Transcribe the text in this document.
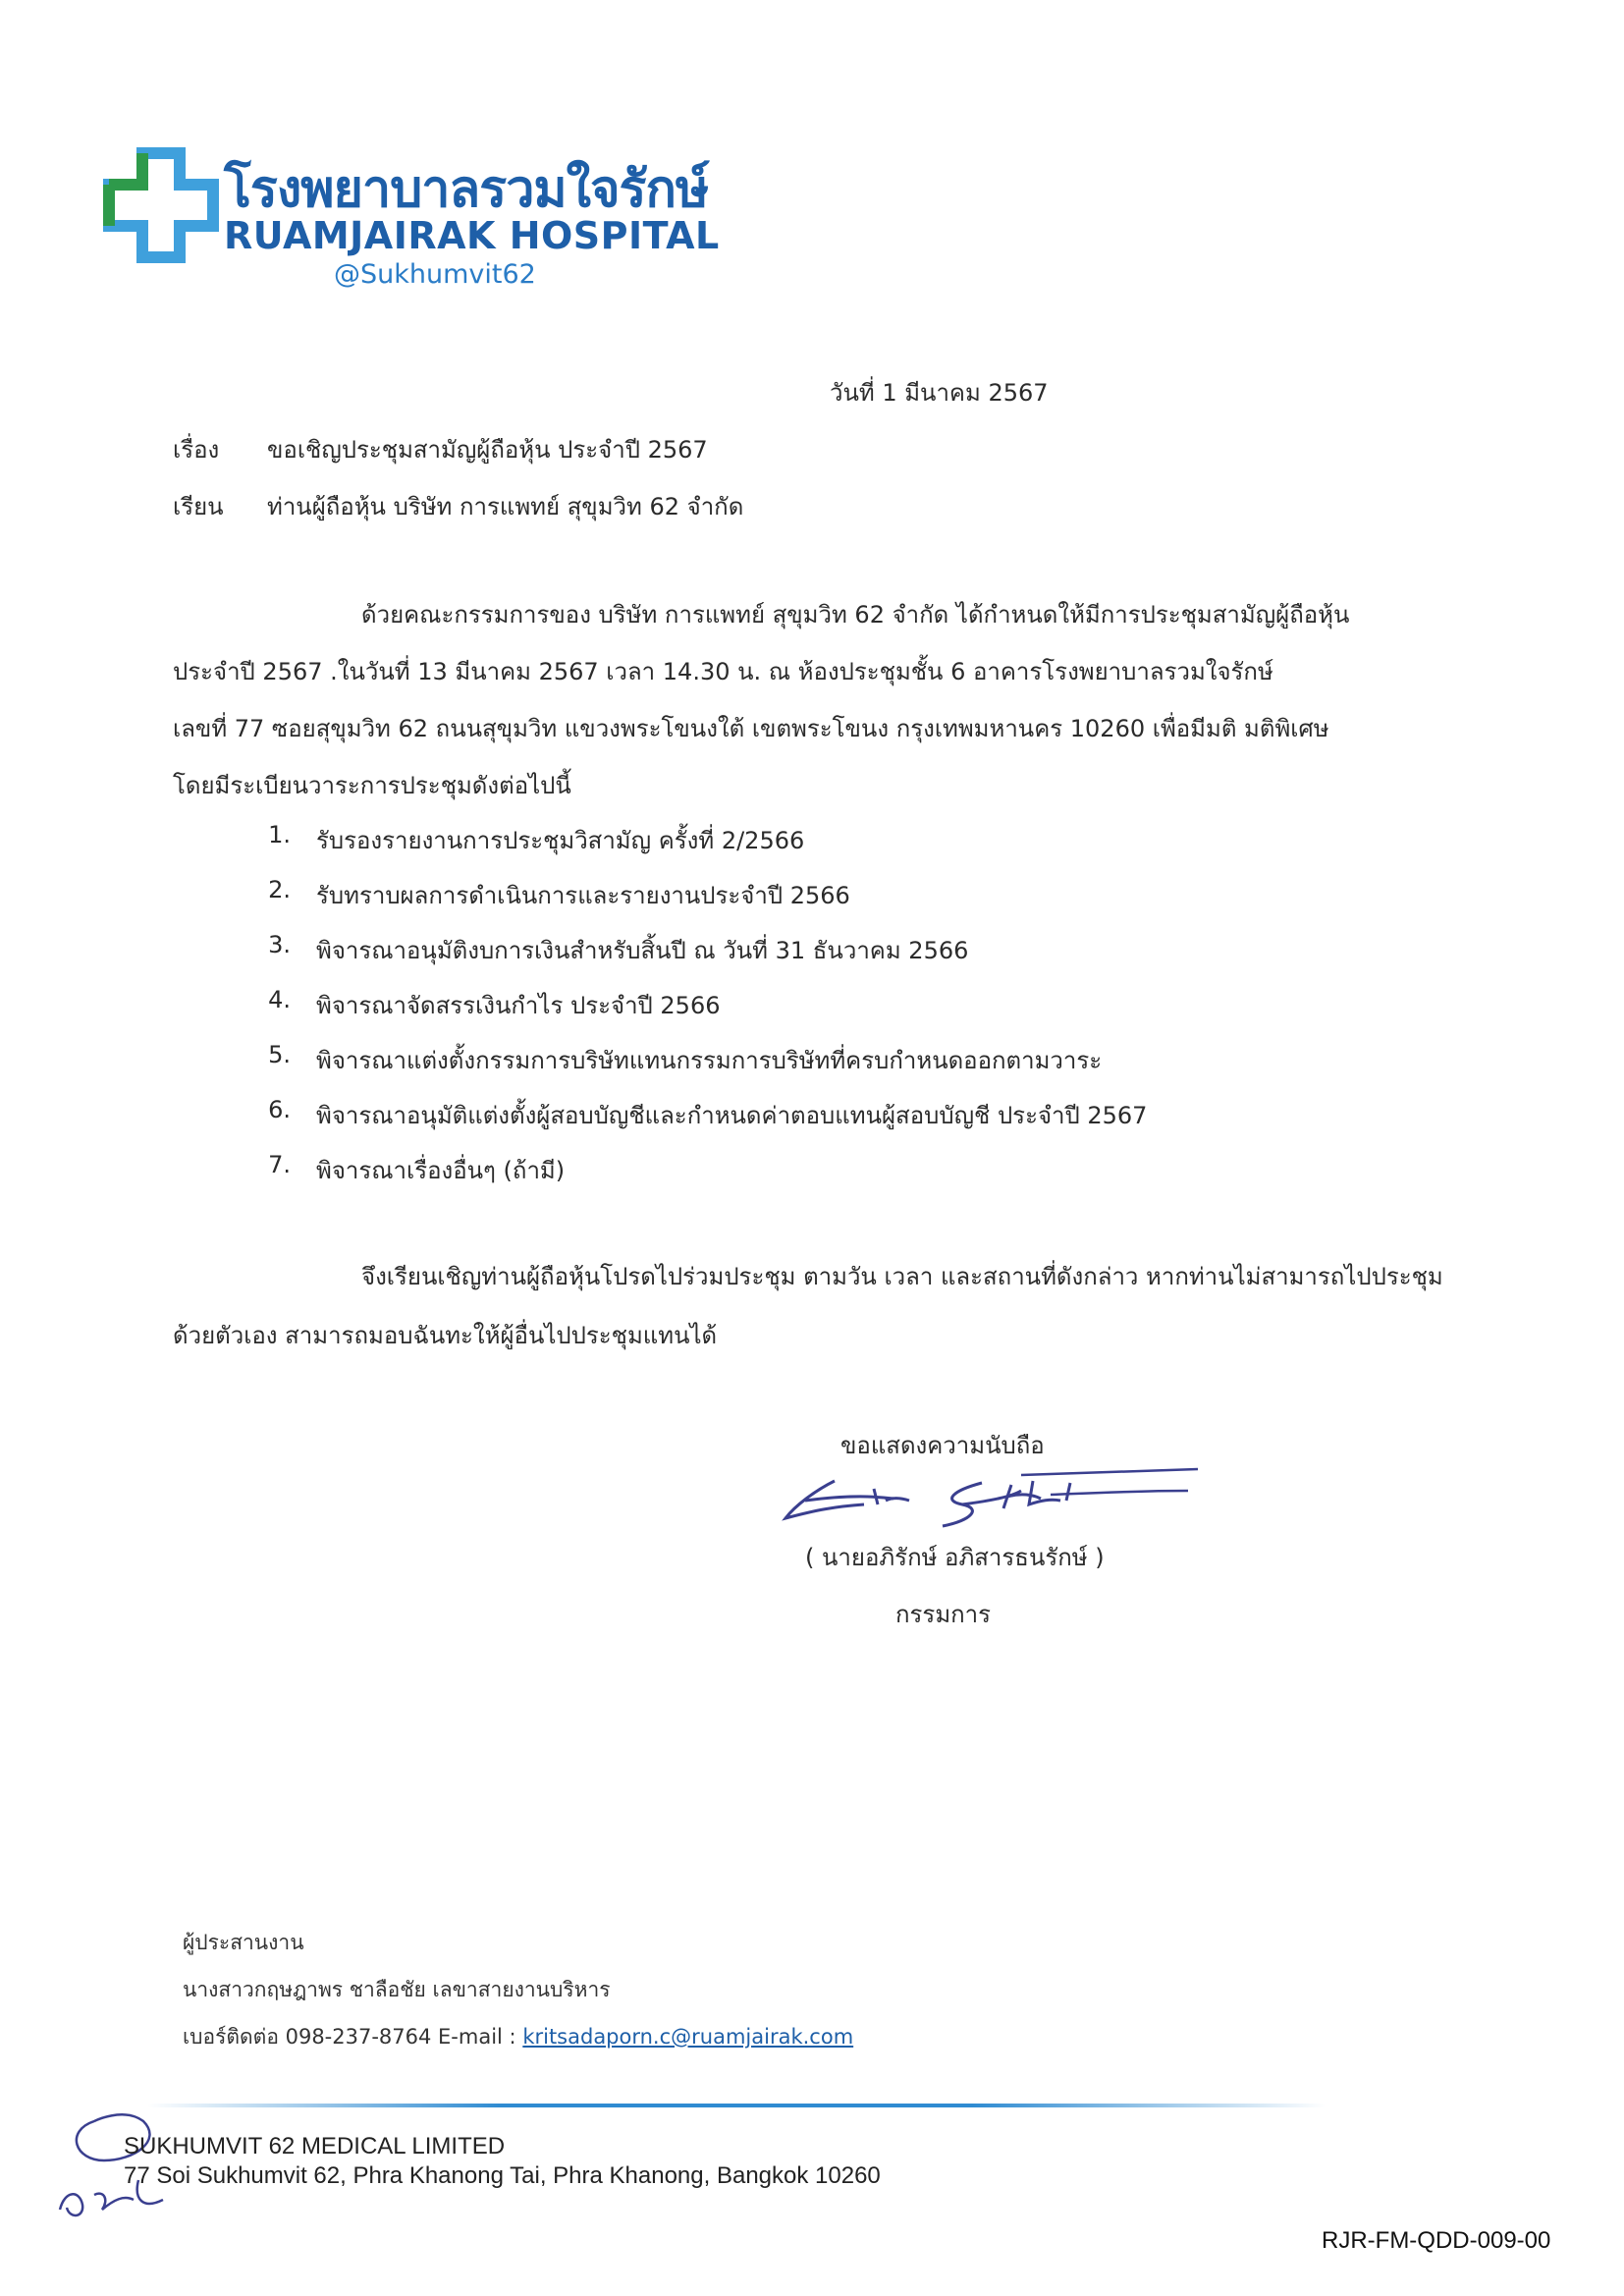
โรงพยาบาลรวมใจรักษ์
RUAMJAIRAK HOSPITAL
@Sukhumvit62
วันที่ 1 มีนาคม 2567
เรื่อง ขอเชิญประชุมสามัญผู้ถือหุ้น ประจำปี 2567
เรียน ท่านผู้ถือหุ้น บริษัท การแพทย์ สุขุมวิท 62 จำกัด
ด้วยคณะกรรมการของ บริษัท การแพทย์ สุขุมวิท 62 จำกัด ได้กำหนดให้มีการประชุมสามัญผู้ถือหุ้น
ประจำปี 2567 .ในวันที่ 13 มีนาคม 2567 เวลา 14.30 น. ณ ห้องประชุมชั้น 6 อาคารโรงพยาบาลรวมใจรักษ์
เลขที่ 77 ซอยสุขุมวิท 62 ถนนสุขุมวิท แขวงพระโขนงใต้ เขตพระโขนง กรุงเทพมหานคร 10260 เพื่อมีมติ มติพิเศษ
โดยมีระเบียนวาระการประชุมดังต่อไปนี้
1. รับรองรายงานการประชุมวิสามัญ ครั้งที่ 2/2566
2. รับทราบผลการดำเนินการและรายงานประจำปี 2566
3. พิจารณาอนุมัติงบการเงินสำหรับสิ้นปี ณ วันที่ 31 ธันวาคม 2566
4. พิจารณาจัดสรรเงินกำไร ประจำปี 2566
5. พิจารณาแต่งตั้งกรรมการบริษัทแทนกรรมการบริษัทที่ครบกำหนดออกตามวาระ
6. พิจารณาอนุมัติแต่งตั้งผู้สอบบัญชีและกำหนดค่าตอบแทนผู้สอบบัญชี ประจำปี 2567
7. พิจารณาเรื่องอื่นๆ (ถ้ามี)
จึงเรียนเชิญท่านผู้ถือหุ้นโปรดไปร่วมประชุม ตามวัน เวลา และสถานที่ดังกล่าว หากท่านไม่สามารถไปประชุม
ด้วยตัวเอง สามารถมอบฉันทะให้ผู้อื่นไปประชุมแทนได้
ขอแสดงความนับถือ
( นายอภิรักษ์ อภิสารธนรักษ์ )
กรรมการ
ผู้ประสานงาน
นางสาวกฤษฎาพร ชาลือชัย เลขาสายงานบริหาร
เบอร์ติดต่อ 098-237-8764 E-mail : kritsadaporn.c@ruamjairak.com
SUKHUMVIT 62 MEDICAL LIMITED
77 Soi Sukhumvit 62, Phra Khanong Tai, Phra Khanong, Bangkok 10260
RJR-FM-QDD-009-00
